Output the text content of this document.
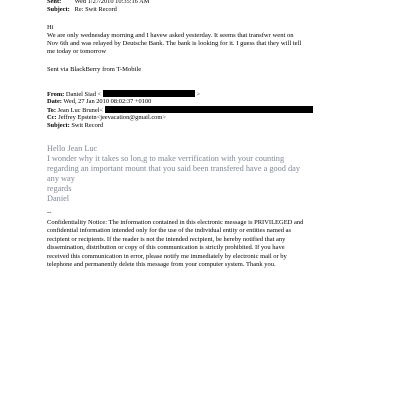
Sent: Wed 1/27/2010 10:35:16 AM
Subject: Re: Swit Record
Hi
We are only wednesday morning and I havew asked yesterday. It seems that transfwr went on
Nov 6th and was relayed by Deutsche Bank. The bank is looking for it. I guess that they will tell
me today or tomorrow
Sent via BlackBerry from T-Mobile
From: Daniel Siad <	>
Date: Wed, 27 Jan 2010 08:02:37 +0100
To: Jean Luc Brunel<
Cc: Jeffrey Epstein<jeevacation@gmail.com>
Subject: Swit Record
Hello Jean Luc
I wonder why it takes so lon,g to make verrification with your counting
regarding an important mount that you said been transfered have a good day
any way
regards
Daniel
--
Confidentiality Notice: The information contained in this electronic message is PRIVILEGED and
confidential information intended only for the use of the individual entity or entities named as
recipient or recipients. If the reader is not the intended recipient, be hereby notified that any
dissemination, distribution or copy of this communication is strictly prohibited. If you have
received this communication in error, please notify me immediately by electronic mail or by
telephone and permanently delete this message from your computer system. Thank you.
